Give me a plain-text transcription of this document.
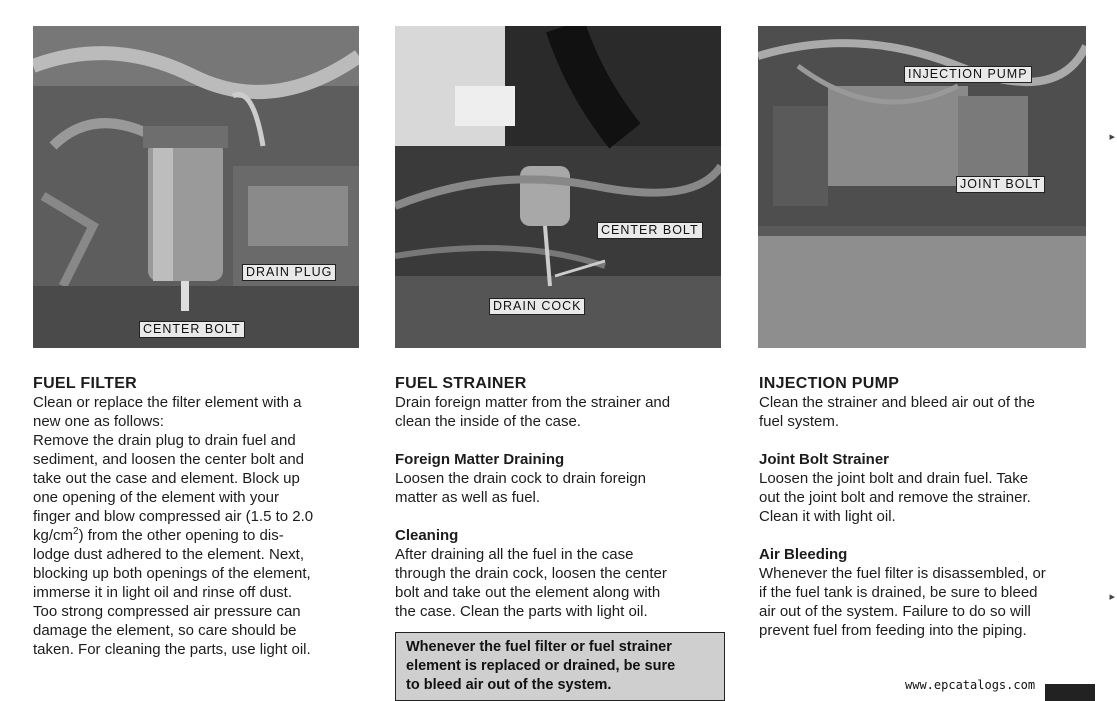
DRAIN PLUG
CENTER BOLT
CENTER BOLT
DRAIN COCK
INJECTION PUMP
JOINT BOLT
FUEL FILTER

Clean or replace the filter element with a

new one as follows:

Remove the drain plug to drain fuel and

sediment, and loosen the center bolt and

take out the case and element. Block up

one opening of the element with your

finger and blow compressed air (1.5 to 2.0

$kg/cm^2$) from the other opening to dis-

lodge dust adhered to the element. Next,

blocking up both openings of the element,

immerse it in light oil and rinse off dust.

Too strong compressed air pressure can

damage the element, so care should be

taken. For cleaning the parts, use light oil.

FUEL STRAINER

Drain foreign matter from the strainer and

clean the inside of the case.

Foreign Matter Draining

Loosen the drain cock to drain foreign

matter as well as fuel.

Cleaning

After draining all the fuel in the case

through the drain cock, loosen the center

bolt and take out the element along with

the case. Clean the parts with light oil.

Whenever the fuel filter or fuel strainer
element is replaced or drained, be sure
to bleed air out of the system.
INJECTION PUMP

Clean the strainer and bleed air out of the

fuel system.

Joint Bolt Strainer

Loosen the joint bolt and drain fuel. Take

out the joint bolt and remove the strainer.

Clean it with light oil.

Air Bleeding

Whenever the fuel filter is disassembled, or

if the fuel tank is drained, be sure to bleed

air out of the system. Failure to do so will

prevent fuel from feeding into the piping.

www.epcatalogs.com
▸
▸
